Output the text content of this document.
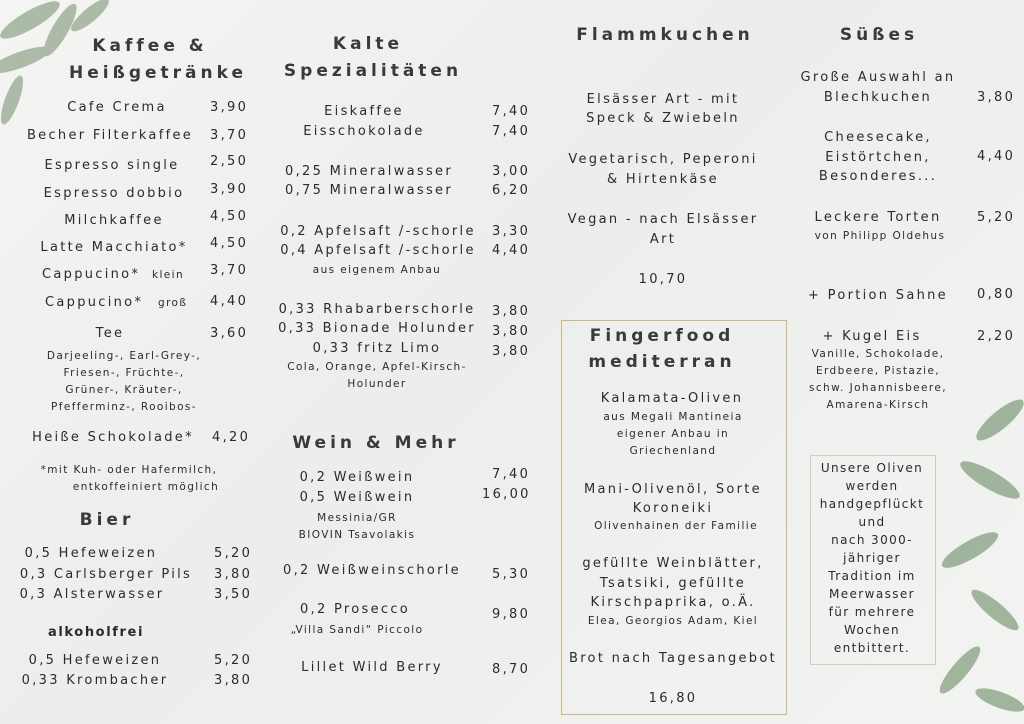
Kaffee &
Heißgetränke
Cafe Crema	3,90
Becher Filterkaffee 3,70
Espresso single 2,50
Espresso dobbio 3,90
Milchkaffee	4,50
Latte Macchiato* 4,50
Cappucino* klein 3,70
Cappucino* groß 4,40
Tee	3,60
Darjeeling-, Earl-Grey-,
Friesen-, Früchte-,
Grüner-, Kräuter-,
Pfefferminz-, Rooibos-
Heiße Schokolade* 4,20
*mit Kuh- oder Hafermilch,
entkoffeiniert möglich
Bier
0,5 Hefeweizen	5,20
0,3 Carlsberger Pils 3,80
0,3 Alsterwasser	3,50
alkoholfrei
0,5 Hefeweizen	5,20
0,33 Krombacher	3,80
Kalte
Spezialitäten
Eiskaffee	7,40
Eisschokolade	7,40
0,25 Mineralwasser	3,00
0,75 Mineralwasser	6,20
0,2 Apfelsaft /-schorle 3,30
0,4 Apfelsaft /-schorle 4,40
aus eigenem Anbau
0,33 Rhabarberschorle 3,80
0,33 Bionade Holunder 3,80
0,33 fritz Limo	3,80
Cola, Orange, Apfel-Kirsch-
Holunder
Wein & Mehr
0,2 Weißwein	7,40
0,5 Weißwein	16,00
Messinia/GR
BIOVIN Tsavolakis
0,2 Weißweinschorle 5,30
0,2 Prosecco	9,80
„Villa Sandi“ Piccolo
Lillet Wild Berry	8,70
Flammkuchen
Elsässer Art - mit
Speck & Zwiebeln
Vegetarisch, Peperoni
& Hirtenkäse
Vegan - nach Elsässer
Art
10,70
Fingerfood
mediterran
Kalamata-Oliven
aus Megali Mantineia
eigener Anbau in
Griechenland
Mani-Olivenöl, Sorte
Koroneiki
Olivenhainen der Familie
gefüllte Weinblätter,
Tsatsiki, gefüllte
Kirschpaprika, o.Ä.
Elea, Georgios Adam, Kiel
Brot nach Tagesangebot
16,80
Süßes
Große Auswahl an
Blechkuchen	3,80
Cheesecake,
Eistörtchen,	4,40
Besonderes...
Leckere Torten	5,20
von Philipp Oldehus
+ Portion Sahne 0,80
+ Kugel Eis	2,20
Vanille, Schokolade,
Erdbeere, Pistazie,
schw. Johannisbeere,
Amarena-Kirsch
Unsere Oliven
werden
handgepflückt
und
nach 3000-
jähriger
Tradition im
Meerwasser
für mehrere
Wochen
entbittert.
